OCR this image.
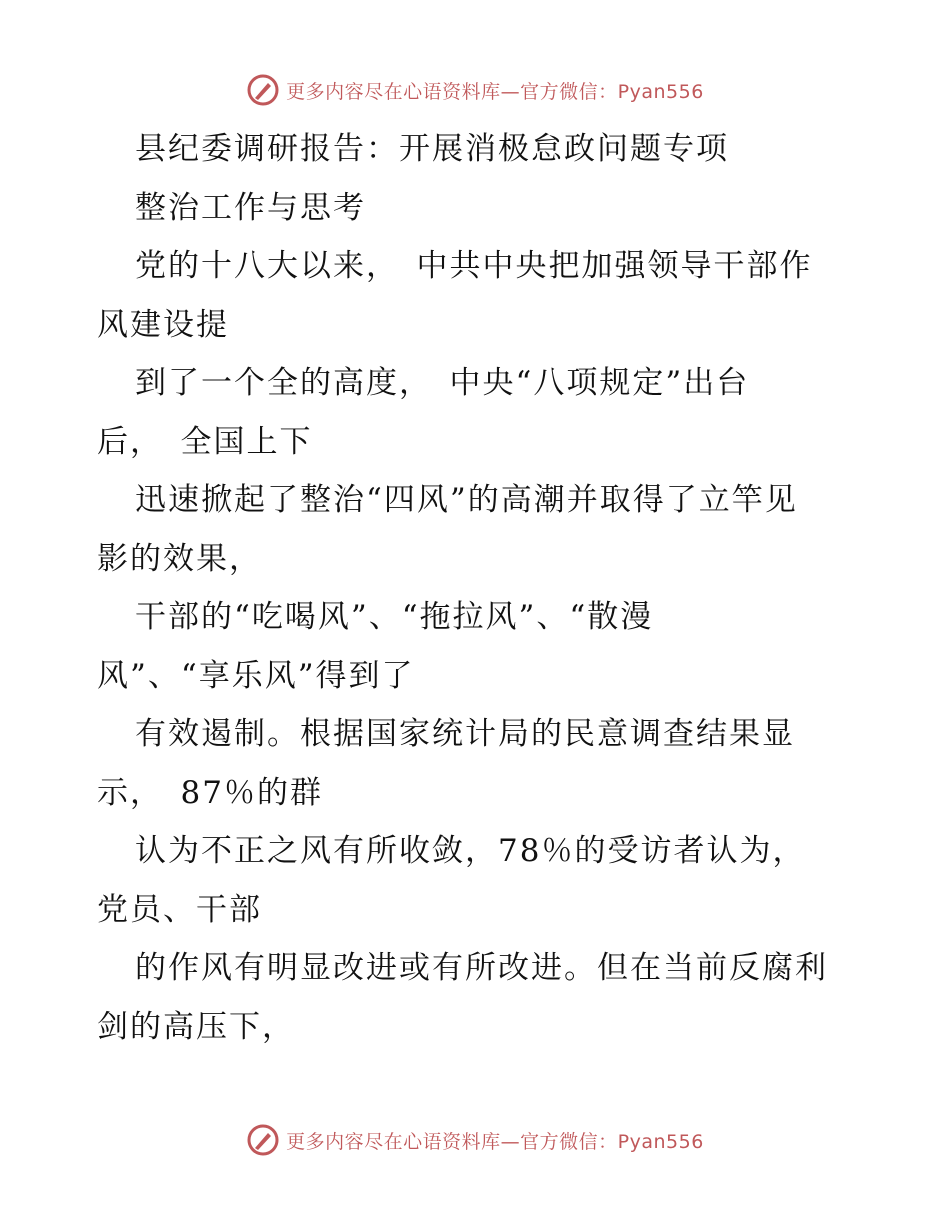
更多内容尽在心语资料库—官方微信：Pyan556
县纪委调研报告：开展消极怠政问题专项
整治工作与思考
党的十八大以来，　中共中央把加强领导干部作
风建设提
到了一个全的高度，　中央“八项规定”出台
后，　全国上下
迅速掀起了整治“四风”的高潮并取得了立竿见
影的效果，
干部的“吃喝风”、“拖拉风”、“散漫
风”、“享乐风”得到了
有效遏制。根据国家统计局的民意调查结果显
示，　87％的群
认为不正之风有所收敛，78％的受访者认为，
党员、干部
的作风有明显改进或有所改进。但在当前反腐利
剑的高压下，
更多内容尽在心语资料库—官方微信：Pyan556
